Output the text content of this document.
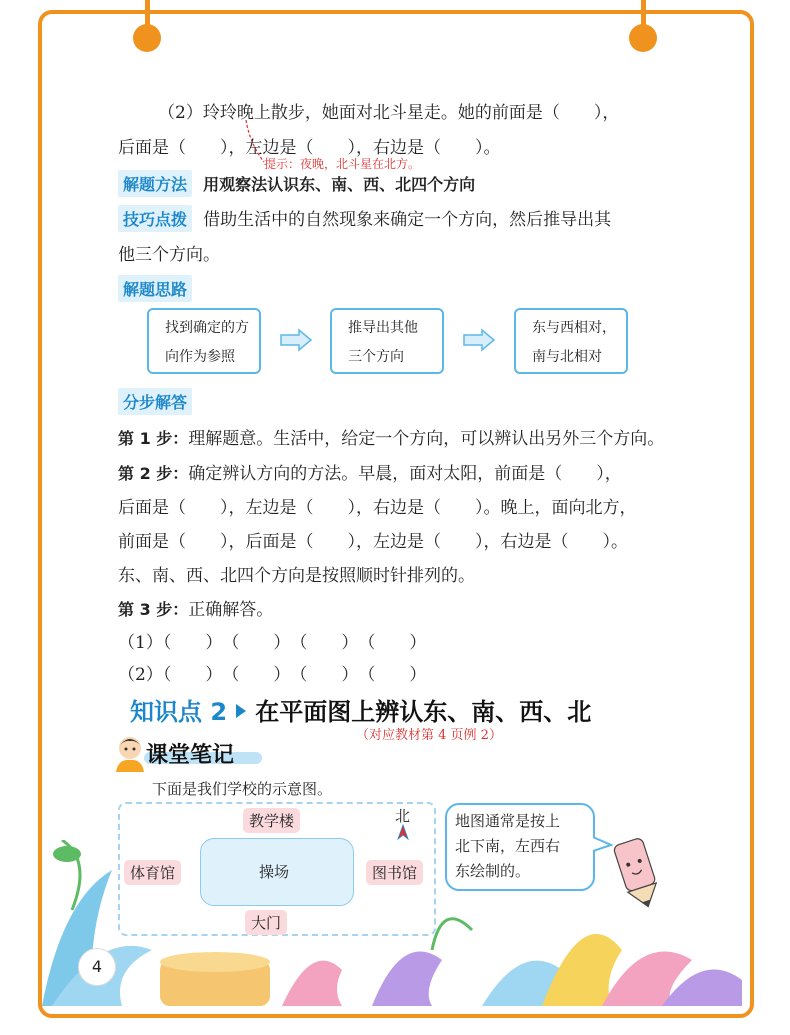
（2）玲玲晚上散步，她面对北斗星走。她的前面是（　　），
后面是（　　），左边是（　　），右边是（　　）。
提示：夜晚，北斗星在北方。
解题方法 用观察法认识东、南、西、北四个方向
技巧点拨 借助生活中的自然现象来确定一个方向，然后推导出其
他三个方向。
解题思路
找到确定的方
向作为参照
推导出其他
三个方向
东与西相对，
南与北相对
分步解答
第 1 步：理解题意。生活中，给定一个方向，可以辨认出另外三个方向。
第 2 步：确定辨认方向的方法。早晨，面对太阳，前面是（　　），
后面是（　　），左边是（　　），右边是（　　）。晚上，面向北方，
前面是（　　），后面是（　　），左边是（　　），右边是（　　）。
东、南、西、北四个方向是按照顺时针排列的。
第 3 步：正确解答。
（1）（　　）　（　　）　（　　）　（　　）
（2）（　　）　（　　）　（　　）　（　　）
知识点 2 在平面图上辨认东、南、西、北
（对应教材第 4 页例 2）
课堂笔记
下面是我们学校的示意图。
教学楼	北
操场
体育馆	图书馆
大门
地图通常是按上
北下南，左西右
东绘制的。
4
